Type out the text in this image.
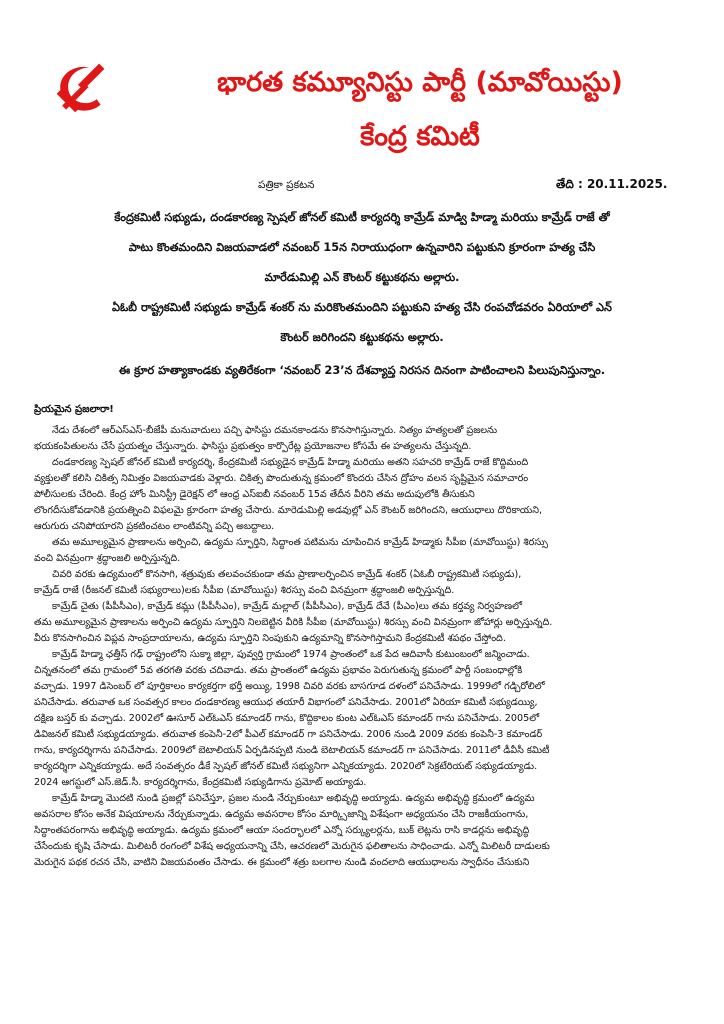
భారత కమ్యూనిస్టు పార్టీ (మావోయిస్టు)
కేంద్ర కమిటీ
పత్రికా ప్రకటన	తేది : 20.11.2025.
కేంద్రకమిటీ సభ్యుడు, దండకారణ్య స్పెషల్ జోనల్ కమిటీ కార్యదర్శి కామ్రేడ్ మాడ్వి హిడ్మా మరియు కామ్రేడ్ రాజే తో
పాటు కొంతమందిని విజయవాడలో నవంబర్ 15న నిరాయుధంగా ఉన్నవారిని పట్టుకుని క్రూరంగా హత్య చేసి
మారేడుమిల్లి ఎన్ కౌంటర్ కట్టుకథను అల్లారు.
ఏఓబీ రాష్ట్రకమిటీ సభ్యుడు కామ్రేడ్ శంకర్ ను మరికొంతమందిని పట్టుకుని హత్య చేసి రంపచోడవరం ఏరియాలో ఎన్
కౌంటర్ జరిగిందని కట్టుకథను అల్లారు.
ఈ క్రూర హత్యాకాండకు వ్యతిరేకంగా ‘నవంబర్ 23’న దేశవ్యాప్త నిరసన దినంగా పాటించాలని పిలుపునిస్తున్నాం.
ప్రియమైన ప్రజలారా!
నేడు దేశంలో ఆర్ఎస్ఎస్-బీజేపీ మనువాదులు పచ్చి ఫాసిస్టు దమనకాండను కొనసాగిస్తున్నారు. నిత్యం హత్యలతో ప్రజలను
భయకంపితులను చేసే ప్రయత్నం చేస్తున్నారు. ఫాసిస్టు ప్రభుత్వం కార్పొరేట్ల ప్రయోజనాల కోసమే ఈ హత్యలను చేస్తున్నది.
దండకారణ్య స్పెషల్ జోనల్ కమిటీ కార్యదర్శి, కేంద్రకమిటీ సభ్యుడైన కామ్రేడ్ హిడ్మా మరియు అతని సహచరి కామ్రేడ్ రాజే కొద్దిమంది
వ్యక్తులతో కలిసి చికిత్స నిమిత్తం విజయవాడకు వెళ్లారు. చికిత్స పొందుతున్న క్రమంలో కొందరు చేసిన ద్రోహం వలన సృష్టిమైన సమాచారం
పోలీసులకు చేరింది. కేంద్ర హోం మినిస్ట్రీ డైరెక్షన్ లో ఆంధ్ర ఎస్ఐబీ నవంబర్ 15వ తేదీన వీరిని తమ అదుపులోకి తీసుకుని
లొంగదీసుకోవడానికి ప్రయత్నించి విఫలమై క్రూరంగా హత్య చేసారు. మారెడుమిల్లి అడవుల్లో ఎన్ కౌంటర్ జరిగిందని, ఆయుధాలు దొరికాయని,
ఆరుగురు చనిపోయారని ప్రకటించటం లాంటివన్ని పచ్చి అబద్దాలు.
తమ అమూల్యమైన ప్రాణాలను అర్పించి, ఉద్యమ స్ఫూర్తిని, సిద్ధాంత పటిమను చూపించిన కామ్రేడ్ హిడ్మాకు సీపీఐ (మావోయిస్టు) శిరస్సు
వంచి వినమ్రంగా శ్రద్ధాంజలి అర్పిస్తున్నది.
చివరి వరకు ఉద్యమంలో కొనసాగి, శత్రువుకు తలవంచకుండా తమ ప్రాణాలర్పించిన కామ్రేడ్ శంకర్ (ఏఓబీ రాష్ట్రకమిటీ సభ్యుడు),
కామ్రేడ్ రాజే (రీజనల్ కమిటీ సభ్యురాలు)లకు సీపీఐ (మావోయిస్టు) శిరస్సు వంచి వినమ్రంగా శ్రద్ధాంజలి అర్పిస్తున్నది.
కామ్రేడ్ చైతు (పీపీసీఎం), కామ్రేడ్ కమ్లు (పీపీసీఎం), కామ్రేడ్ మల్లాల్ (పీపీసీఎం), కామ్రేడ్ దేవే (పీఎం)లు తమ కర్తవ్య నిర్వహణలో
తమ అమూల్యమైన ప్రాణాలను అర్పించి ఉద్యమ స్ఫూర్తిని నిలబెట్టిన వీరికి సీపీఐ (మావోయిస్టు) శిరస్సు వంచి వినమ్రంగా జోహార్లు అర్పిస్తున్నది.
వీరు కొనసాగించిన విప్లవ సాంప్రదాయాలను, ఉద్యమ స్ఫూర్తిని నింపుకుని ఉద్యమాన్ని కొనసాగిస్తామని కేంద్రకమిటీ శపథం చేస్తోంది.
కామ్రేడ్ హిడ్మా ఛత్తీస్ గఢ్ రాష్ట్రంలోని సుక్మా జిల్లా, పువ్వర్తి గ్రామంలో 1974 ప్రాంతంలో ఒక పేద ఆదివాసీ కుటుంబంలో జన్మించాడు.
చిన్నతనంలో తమ గ్రామంలో 5వ తరగతి వరకు చదివాడు. తమ ప్రాంతంలో ఉద్యమ ప్రభావం పెరుగుతున్న క్రమంలో పార్టీ సంబంధాల్లోకి
వచ్చాడు. 1997 డిసెంబర్ లో పూర్తికాలం కార్యకర్తగా భర్తీ అయ్యి, 1998 చివరి వరకు బాసగూడ దళంలో పనిచేసాడు. 1999లో గడ్చిరోలిలో
పనిచేసాడు. తరువాత ఒక సంవత్సర కాలం దండకారణ్య ఆయుధ తయారీ విభాగంలో పనిచేసాడు. 2001లో ఏరియా కమిటీ సభ్యుడయ్యి,
దక్షిణ బస్తర్ కు వచ్చాడు. 2002లో ఊసూర్ ఎల్ఓఎస్ కమాండర్ గాను, కొద్దికాలం కుంట ఎల్ఓఎస్ కమాండర్ గాను పనిచేసాడు. 2005లో
డివిజనల్ కమిటీ సభ్యుడయ్యాడు. తరువాత కంపెనీ-2లో పీఎల్ కమాండర్ గా పనిచేసాడు. 2006 నుండి 2009 వరకు కంపెనీ-3 కమాండర్
గాను, కార్యదర్శిగాను పనిచేసాడు. 2009లో బెటాలియన్ ఏర్పడినప్పటి నుండి బెటాలియన్ కమాండర్ గా పనిచేసాడు. 2011లో డీవీసీ కమిటీ
కార్యదర్శిగా ఎన్నికయ్యాడు. అదే సంవత్సరం డీకే స్పెషల్ జోనల్ కమిటీ సభ్యునిగా ఎన్నికయ్యాడు. 2020లో సెక్రటేరియట్ సభ్యుడయ్యాడు.
2024 ఆగస్టులో ఎస్.జెడ్.సీ. కార్యదర్శిగాను, కేంద్రకమిటీ సభ్యుడిగాను ప్రమోట్ అయ్యాడు.
కామ్రేడ్ హిడ్మా మొదటి నుండి ప్రజల్లో పనిచేస్తూ, ప్రజల నుండి నేర్చుకుంటూ అభివృద్ధి అయ్యాడు. ఉద్యమ అభివృద్ధి క్రమంలో ఉద్యమ
అవసరాల కోసం అనేక విషయాలను నేర్చుకున్నాడు. ఉద్యమ అవసరాల కోసం మార్క్సిజాన్ని విశేషంగా అధ్యయనం చేసి రాజకీయంగాను,
సిద్ధాంతపరంగాను అభివృద్ధి అయ్యాడు. ఉద్యమ క్రమంలో ఆయా సందర్భాలలో ఎన్నో సర్క్యులర్లను, బుక్ లెట్లను రాసి కాడర్లను అభివృద్ధి
చేసేందుకు కృషి చేసాడు. మిలిటరీ రంగంలో విశేష అధ్యయనాన్ని చేసి, ఆచరణలో మెరుగైన ఫలితాలను సాధించాడు. ఎన్నో మిలిటరీ దాడులకు
మెరుగైన పథక రచన చేసి, వాటిని విజయవంతం చేసాడు. ఈ క్రమంలో శత్రు బలగాల నుండి వందలాది ఆయుధాలను స్వాధీనం చేసుకుని
